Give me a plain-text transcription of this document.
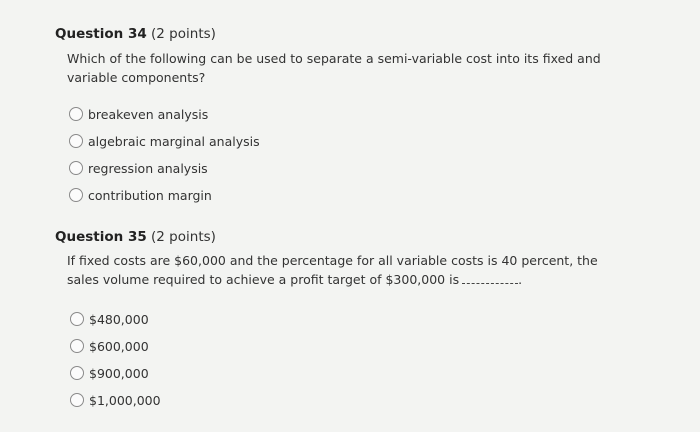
Question 34 (2 points)
Which of the following can be used to separate a semi-variable cost into its fixed and
variable components?
breakeven analysis
algebraic marginal analysis
regression analysis
contribution margin
Question 35 (2 points)
If fixed costs are $60,000 and the percentage for all variable costs is 40 percent, the
sales volume required to achieve a profit target of $300,000 is	.
$480,000
$600,000
$900,000
$1,000,000
